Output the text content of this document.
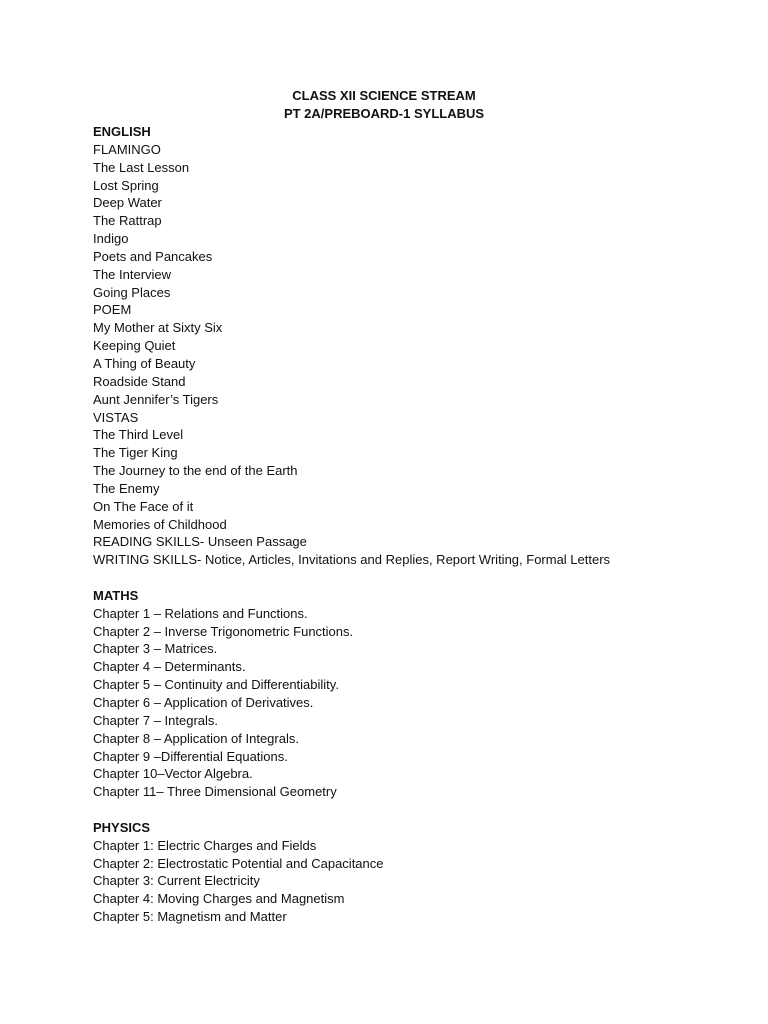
CLASS XII SCIENCE STREAM
PT 2A/PREBOARD-1 SYLLABUS
ENGLISH
FLAMINGO
The Last Lesson
Lost Spring
Deep Water
The Rattrap
Indigo
Poets and Pancakes
The Interview
Going Places
POEM
My Mother at Sixty Six
Keeping Quiet
A Thing of Beauty
Roadside Stand
Aunt Jennifer’s Tigers
VISTAS
The Third Level
The Tiger King
The Journey to the end of the Earth
The Enemy
On The Face of it
Memories of Childhood
READING SKILLS- Unseen Passage
WRITING SKILLS- Notice, Articles, Invitations and Replies, Report Writing, Formal Letters
MATHS
Chapter 1 – Relations and Functions.
Chapter 2 – Inverse Trigonometric Functions.
Chapter 3 – Matrices.
Chapter 4 – Determinants.
Chapter 5 – Continuity and Differentiability.
Chapter 6 – Application of Derivatives.
Chapter 7 – Integrals.
Chapter 8 – Application of Integrals.
Chapter 9 –Differential Equations.
Chapter 10–Vector Algebra.
Chapter 11– Three Dimensional Geometry
PHYSICS
Chapter 1: Electric Charges and Fields
Chapter 2: Electrostatic Potential and Capacitance
Chapter 3: Current Electricity
Chapter 4: Moving Charges and Magnetism
Chapter 5: Magnetism and Matter
